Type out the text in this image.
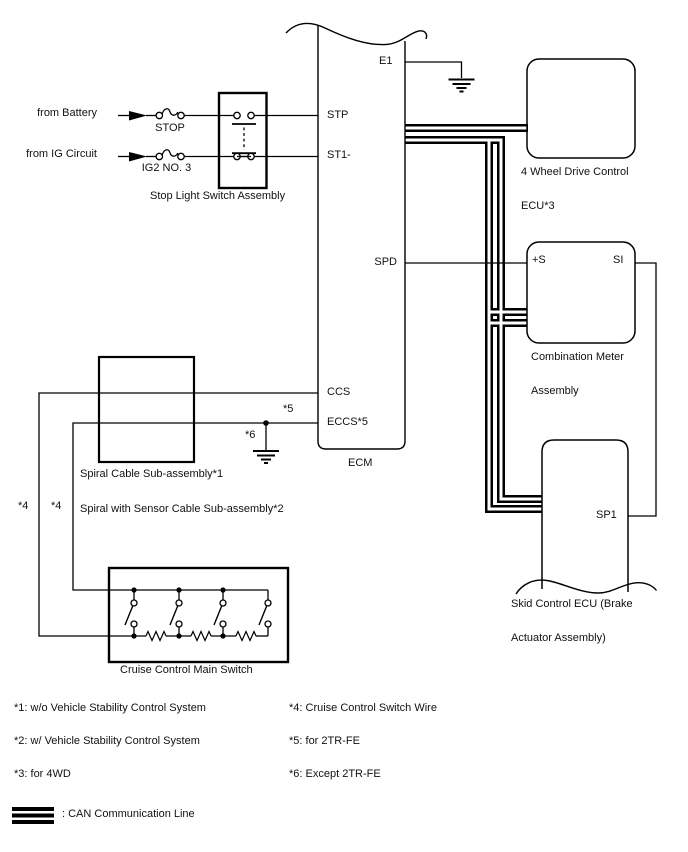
from Battery
STOP
from IG Circuit
IG2 NO. 3
Stop Light Switch Assembly
E1
STP
ST1-
SPD
CCS
ECCS*5
*5
*6
ECM
4 Wheel Drive Control

ECU*3
+S	SI
Combination Meter

Assembly
SP1
Skid Control ECU (Brake

Actuator Assembly)
Spiral Cable Sub-assembly*1
Spiral with Sensor Cable Sub-assembly*2
*4 *4
Cruise Control Main Switch
*1: w/o Vehicle Stability Control System
*2: w/ Vehicle Stability Control System
*3: for 4WD
*4: Cruise Control Switch Wire
*5: for 2TR-FE
*6: Except 2TR-FE
: CAN Communication Line
